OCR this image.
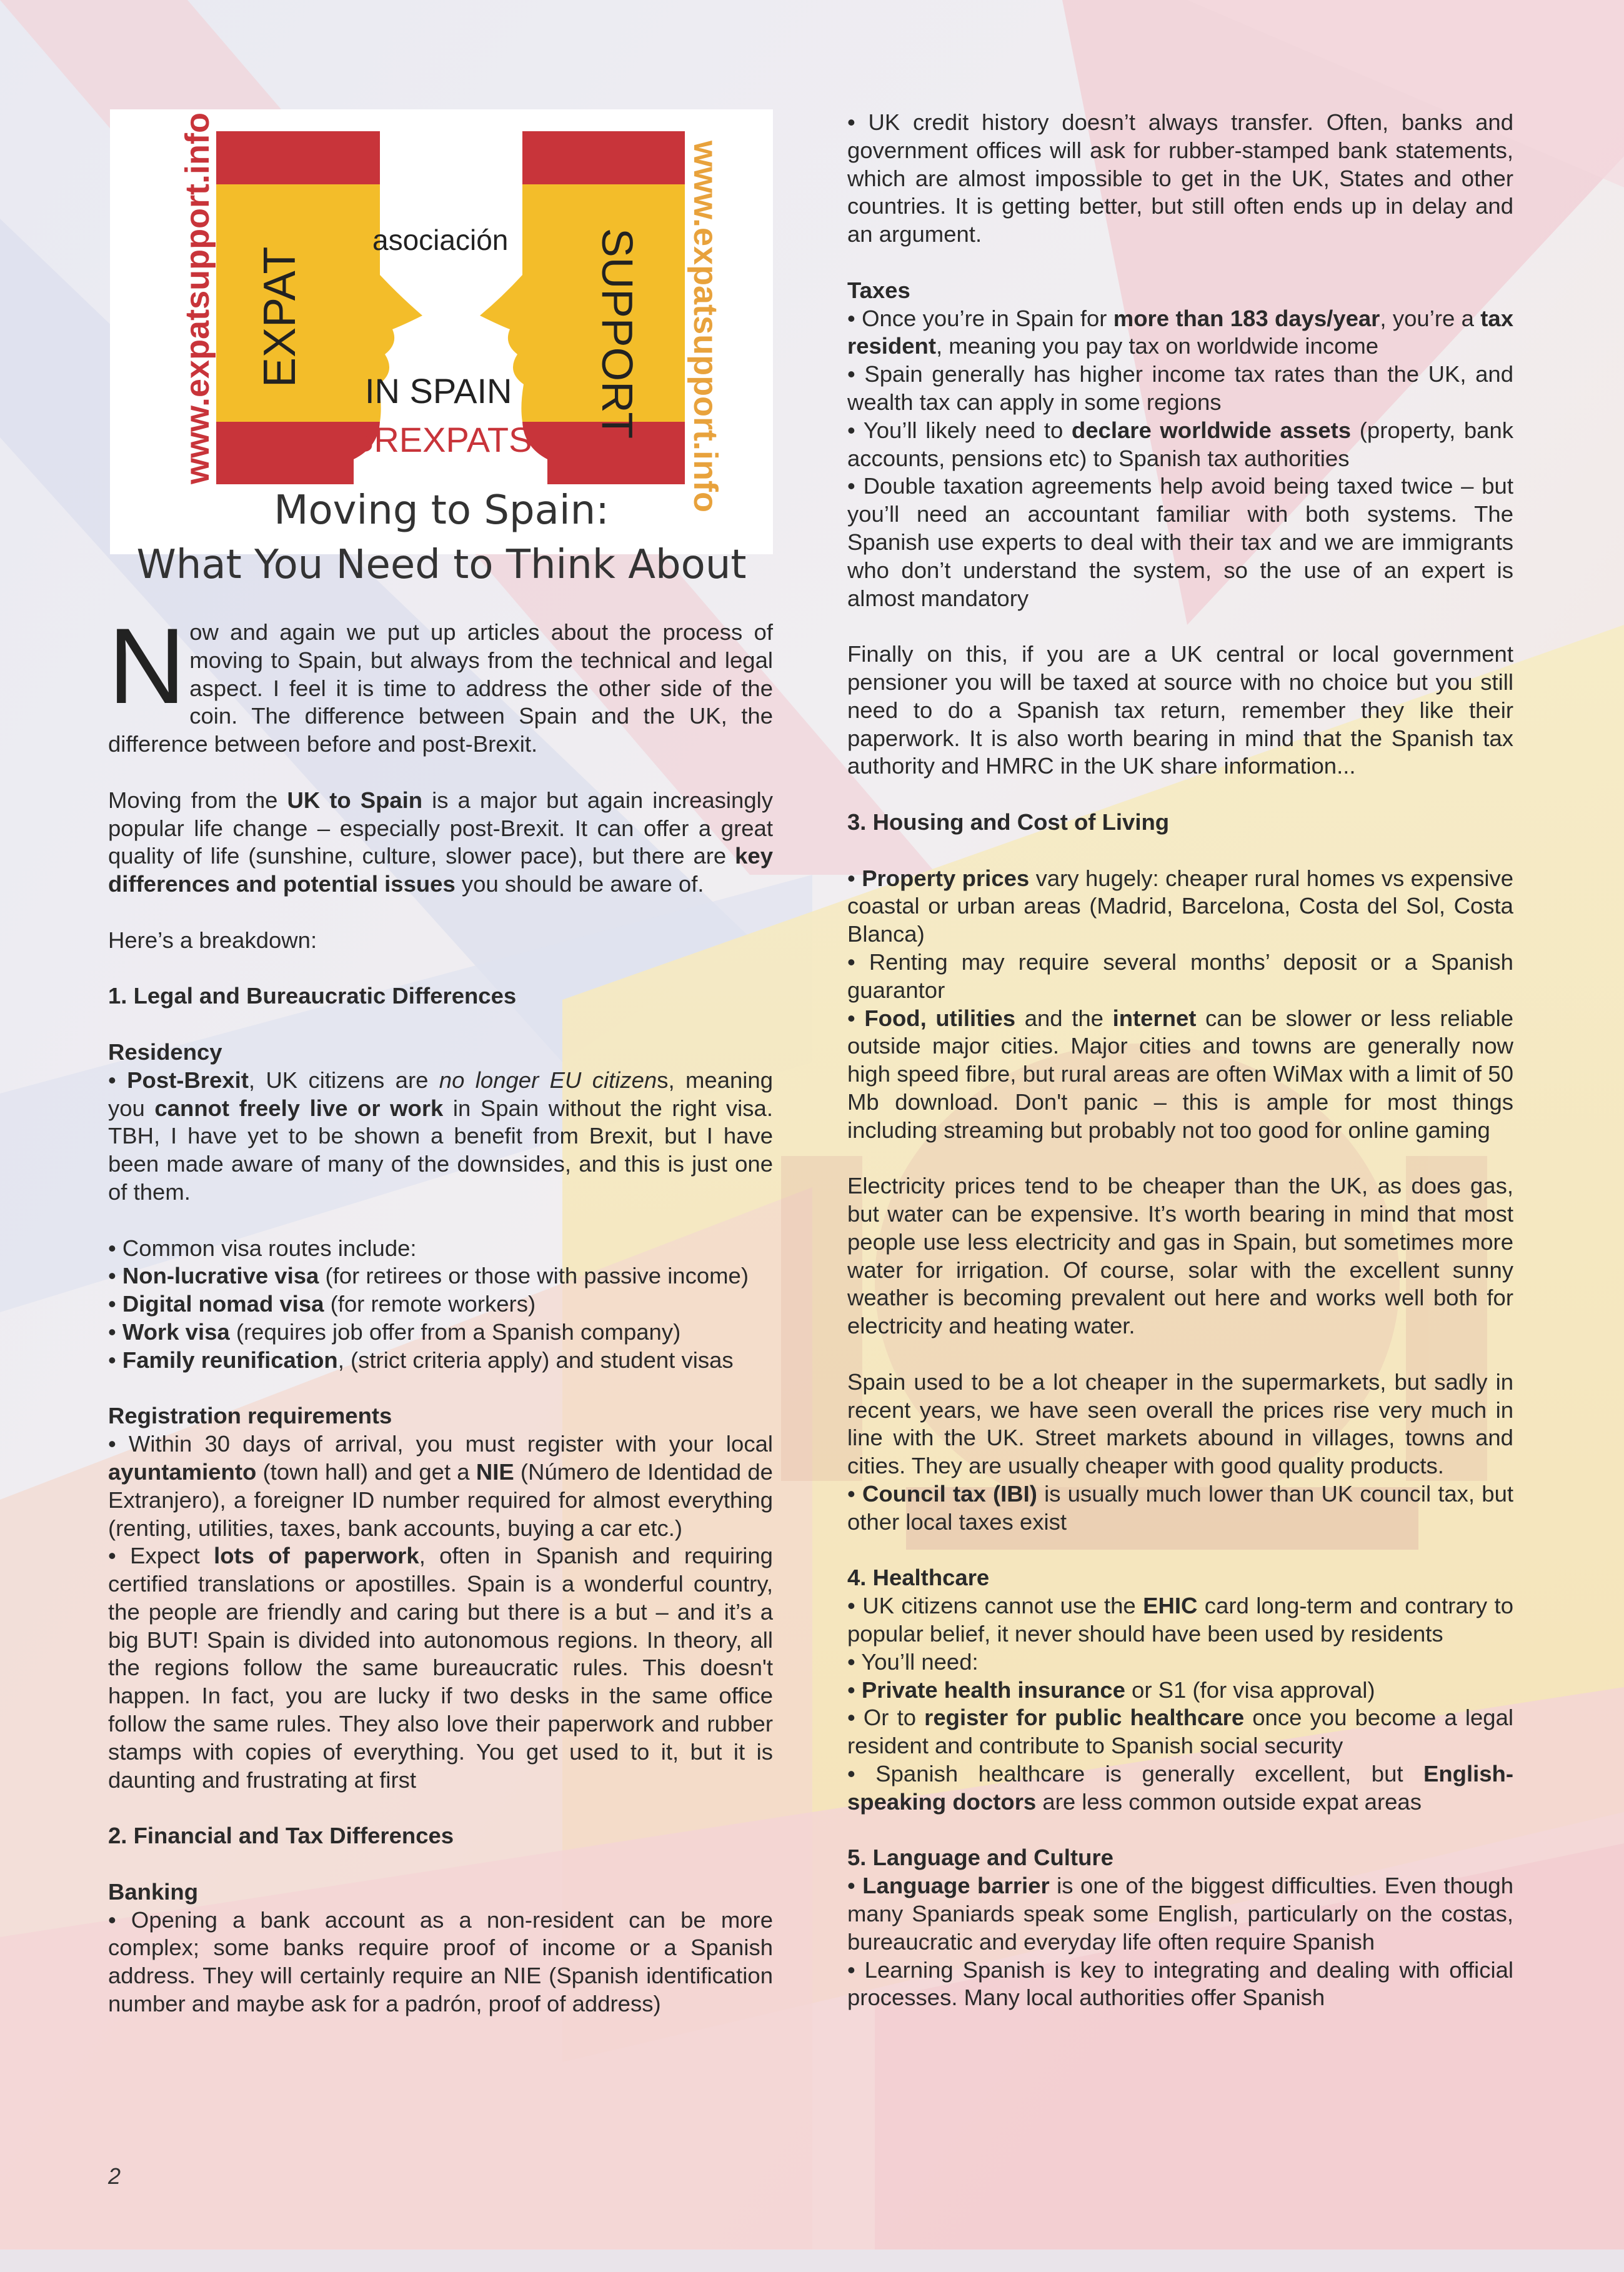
www.expatsupport.info	www.expatsupport.info
EXPAT	SUPPORT
asociación
IN SPAIN
BREXPATS
Moving to Spain:
What You Need to Think About

Now and again we put up articles about the process of moving to Spain, but always from the technical and legal aspect. I feel it is time to address the other side of the coin. The difference between Spain and the UK, the difference between before and post-Brexit.

Moving from the UK to Spain is a major but again increasingly popular life change – especially post-Brexit. It can offer a great quality of life (sunshine, culture, slower pace), but there are key differences and potential issues you should be aware of.

Here’s a breakdown:

1. Legal and Bureaucratic Differences

Residency

• Post-Brexit, UK citizens are no longer EU citizens, meaning you cannot freely live or work in Spain without the right visa. TBH, I have yet to be shown a benefit from Brexit, but I have been made aware of many of the downsides, and this is just one of them.

• Common visa routes include:

• Non-lucrative visa (for retirees or those with passive income)

• Digital nomad visa (for remote workers)

• Work visa (requires job offer from a Spanish company)

• Family reunification, (strict criteria apply) and student visas

Registration requirements

• Within 30 days of arrival, you must register with your local ayuntamiento (town hall) and get a NIE (Número de Identidad de Extranjero), a foreigner ID number required for almost everything (renting, utilities, taxes, bank accounts, buying a car etc.)

• Expect lots of paperwork, often in Spanish and requiring certified translations or apostilles. Spain is a wonderful country, the people are friendly and caring but there is a but – and it’s a big BUT! Spain is divided into autonomous regions. In theory, all the regions follow the same bureaucratic rules. This doesn't happen. In fact, you are lucky if two desks in the same office follow the same rules. They also love their paperwork and rubber stamps with copies of everything. You get used to it, but it is daunting and frustrating at first

2. Financial and Tax Differences

Banking

• Opening a bank account as a non-resident can be more complex; some banks require proof of income or a Spanish address. They will certainly require an NIE (Spanish identification number and maybe ask for a padrón, proof of address)

• UK credit history doesn’t always transfer. Often, banks and government offices will ask for rubber-stamped bank statements, which are almost impossible to get in the UK, States and other countries. It is getting better, but still often ends up in delay and an argument.

Taxes

• Once you’re in Spain for more than 183 days/year, you’re a tax resident, meaning you pay tax on worldwide income

• Spain generally has higher income tax rates than the UK, and wealth tax can apply in some regions

• You’ll likely need to declare worldwide assets (property, bank accounts, pensions etc) to Spanish tax authorities

• Double taxation agreements help avoid being taxed twice – but you’ll need an accountant familiar with both systems. The Spanish use experts to deal with their tax and we are immigrants who don’t understand the system, so the use of an expert is almost mandatory

Finally on this, if you are a UK central or local government pensioner you will be taxed at source with no choice but you still need to do a Spanish tax return, remember they like their paperwork. It is also worth bearing in mind that the Spanish tax authority and HMRC in the UK share information...

3. Housing and Cost of Living

• Property prices vary hugely: cheaper rural homes vs expensive coastal or urban areas (Madrid, Barcelona, Costa del Sol, Costa Blanca)

• Renting may require several months’ deposit or a Spanish guarantor

• Food, utilities and the internet can be slower or less reliable outside major cities. Major cities and towns are generally now high speed fibre, but rural areas are often WiMax with a limit of 50 Mb download. Don't panic – this is ample for most things including streaming but probably not too good for online gaming

Electricity prices tend to be cheaper than the UK, as does gas, but water can be expensive. It’s worth bearing in mind that most people use less electricity and gas in Spain, but sometimes more water for irrigation. Of course, solar with the excellent sunny weather is becoming prevalent out here and works well both for electricity and heating water.

Spain used to be a lot cheaper in the supermarkets, but sadly in recent years, we have seen overall the prices rise very much in line with the UK. Street markets abound in villages, towns and cities. They are usually cheaper with good quality products.

• Council tax (IBI) is usually much lower than UK council tax, but other local taxes exist

4. Healthcare

• UK citizens cannot use the EHIC card long-term and contrary to popular belief, it never should have been used by residents

• You’ll need:

• Private health insurance or S1 (for visa approval)

• Or to register for public healthcare once you become a legal resident and contribute to Spanish social security

• Spanish healthcare is generally excellent, but English-speaking doctors are less common outside expat areas

5. Language and Culture

• Language barrier is one of the biggest difficulties. Even though many Spaniards speak some English, particularly on the costas, bureaucratic and everyday life often require Spanish

• Learning Spanish is key to integrating and dealing with official processes. Many local authorities offer Spanish

2
